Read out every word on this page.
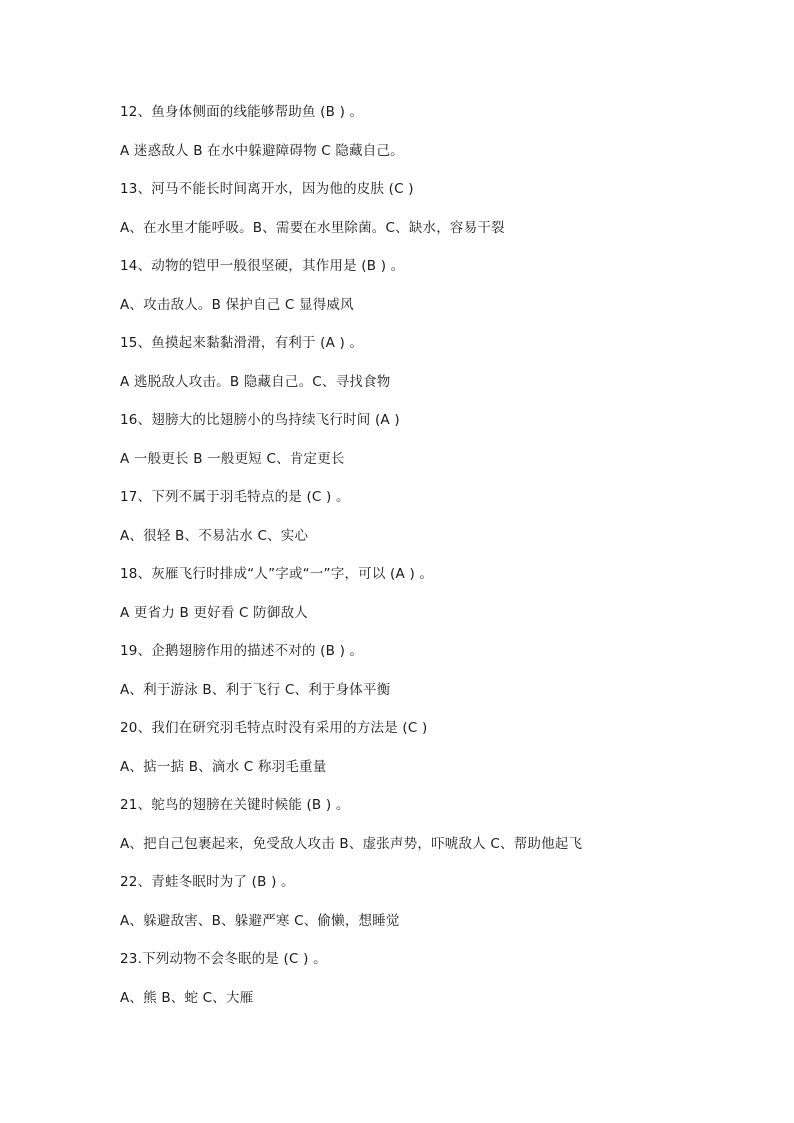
12、鱼身体侧面的线能够帮助鱼 (B ) 。
A 迷惑敌人 B 在水中躲避障碍物 C 隐藏自己。
13、河马不能长时间离开水，因为他的皮肤 (C )
A、在水里才能呼吸。B、需要在水里除菌。C、缺水，容易干裂
14、动物的铠甲一般很坚硬，其作用是 (B ) 。
A、攻击敌人。B 保护自己 C 显得威风
15、鱼摸起来黏黏滑滑，有利于 (A ) 。
A 逃脱敌人攻击。B 隐藏自己。C、寻找食物
16、翅膀大的比翅膀小的鸟持续飞行时间 (A )
A 一般更长 B 一般更短 C、肯定更长
17、下列不属于羽毛特点的是 (C ) 。
A、很轻 B、不易沾水 C、实心
18、灰雁飞行时排成“人”字或“一”字，可以 (A ) 。
A 更省力 B 更好看 C 防御敌人
19、企鹅翅膀作用的描述不对的 (B ) 。
A、利于游泳 B、利于飞行 C、利于身体平衡
20、我们在研究羽毛特点时没有采用的方法是 (C )
A、掂一掂 B、滴水 C 称羽毛重量
21、鸵鸟的翅膀在关键时候能 (B ) 。
A、把自己包裹起来，免受敌人攻击 B、虚张声势，吓唬敌人 C、帮助他起飞
22、青蛙冬眠时为了 (B ) 。
A、躲避敌害、B、躲避严寒 C、偷懒，想睡觉
23.下列动物不会冬眠的是 (C ) 。
A、熊 B、蛇 C、大雁
